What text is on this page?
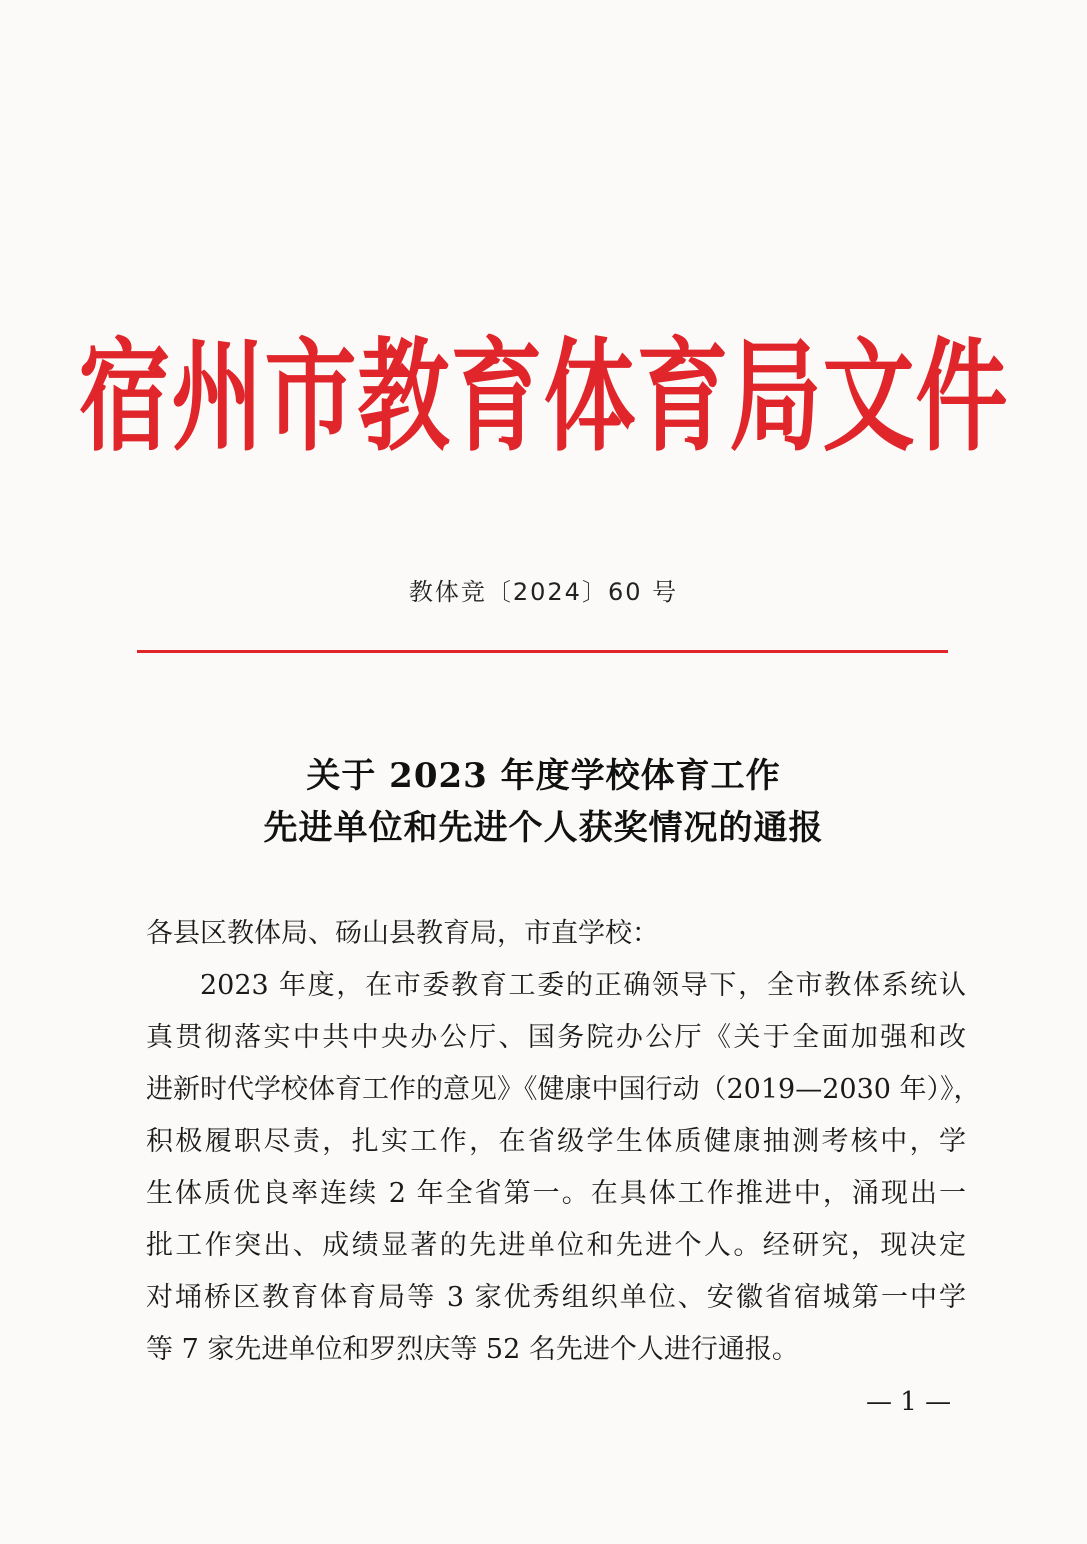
宿州市教育体育局文件
教体竞〔2024〕60 号
关于 2023 年度学校体育工作
先进单位和先进个人获奖情况的通报
各县区教体局、砀山县教育局，市直学校：
2023 年度，在市委教育工委的正确领导下，全市教体系统认
真贯彻落实中共中央办公厅、国务院办公厅《关于全面加强和改
进新时代学校体育工作的意见》《健康中国行动（2019—2030 年）》，
积极履职尽责，扎实工作，在省级学生体质健康抽测考核中，学
生体质优良率连续 2 年全省第一。在具体工作推进中，涌现出一
批工作突出、成绩显著的先进单位和先进个人。经研究，现决定
对埇桥区教育体育局等 3 家优秀组织单位、安徽省宿城第一中学
等 7 家先进单位和罗烈庆等 52 名先进个人进行通报。
— 1 —
